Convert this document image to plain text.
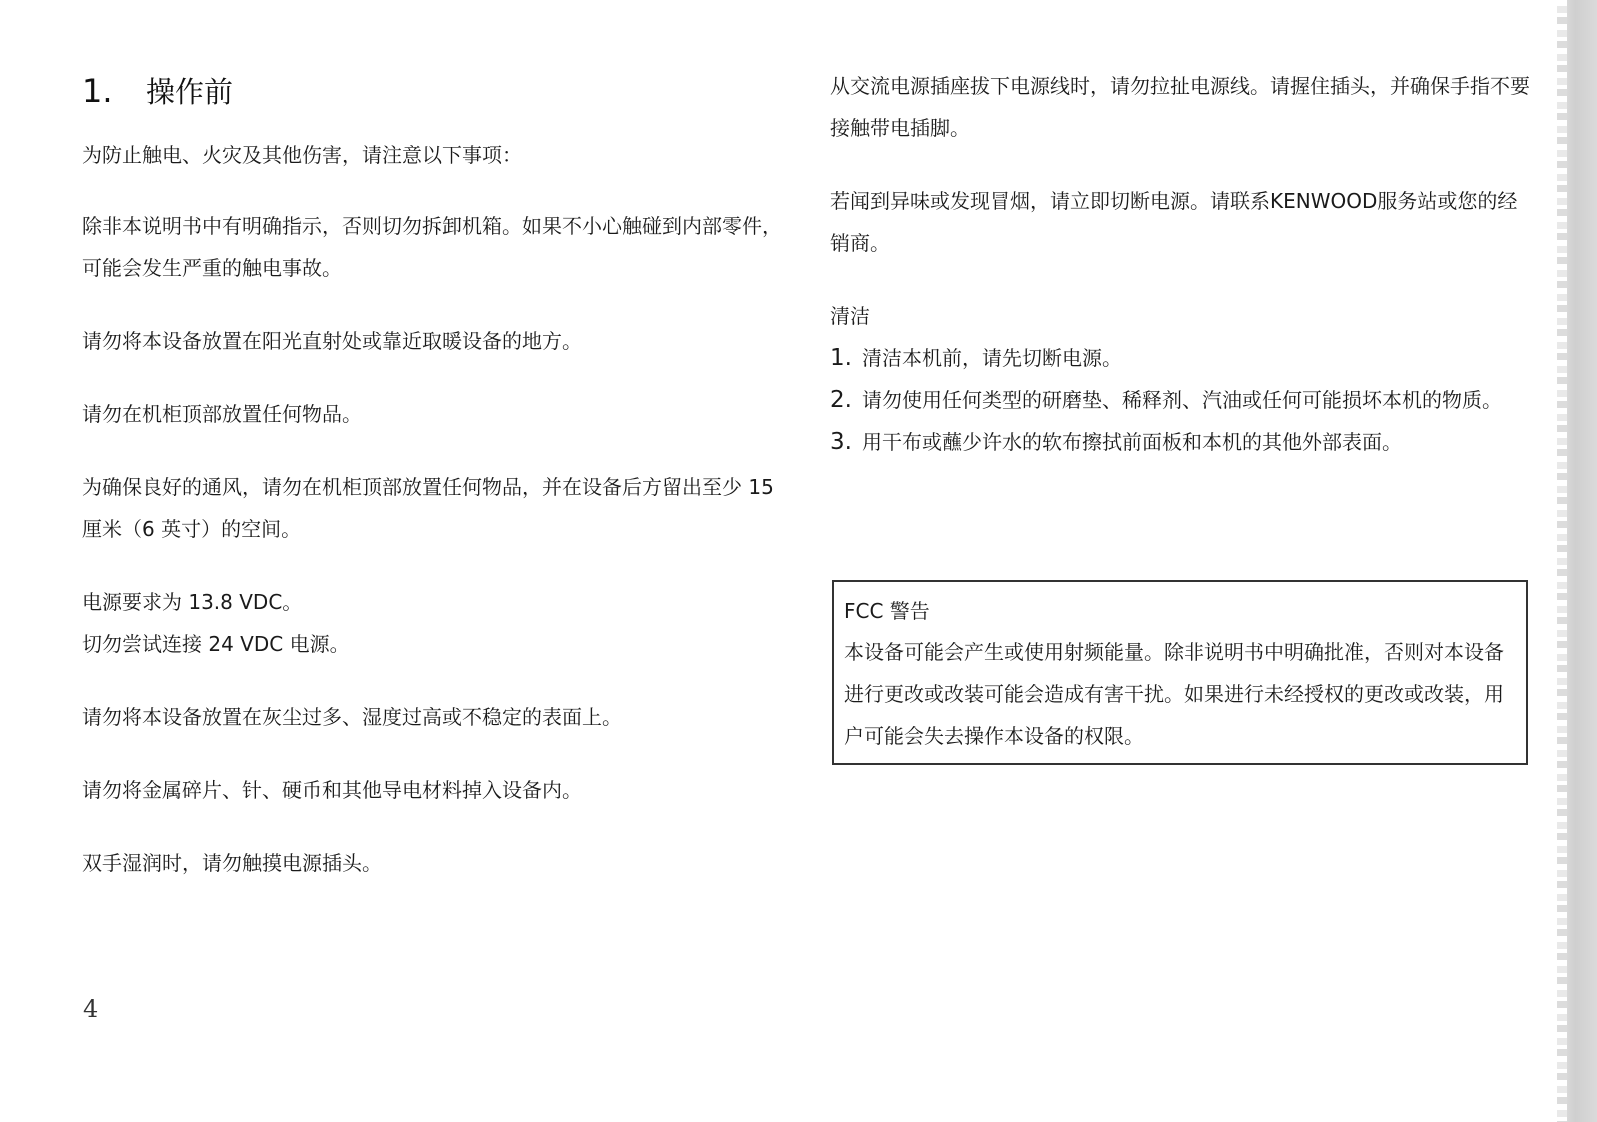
1.	操作前

为防止触电、火灾及其他伤害，请注意以下事项：

除非本说明书中有明确指示，否则切勿拆卸机箱。如果不小心触碰到内部零件，可能会发生严重的触电事故。

请勿将本设备放置在阳光直射处或靠近取暖设备的地方。

请勿在机柜顶部放置任何物品。

为确保良好的通风，请勿在机柜顶部放置任何物品，并在设备后方留出至少 15 厘米（6 英寸）的空间。

电源要求为 13.8 VDC。

切勿尝试连接 24 VDC 电源。

请勿将本设备放置在灰尘过多、湿度过高或不稳定的表面上。

请勿将金属碎片、针、硬币和其他导电材料掉入设备内。

双手湿润时，请勿触摸电源插头。

从交流电源插座拔下电源线时，请勿拉扯电源线。请握住插头，并确保手指不要接触带电插脚。

若闻到异味或发现冒烟，请立即切断电源。请联系KENWOOD服务站或您的经销商。

清洁

1. 清洁本机前，请先切断电源。
2. 请勿使用任何类型的研磨垫、稀释剂、汽油或任何可能损坏本机的物质。
3. 用干布或蘸少许水的软布擦拭前面板和本机的其他外部表面。
FCC 警告
本设备可能会产生或使用射频能量。除非说明书中明确批准，否则对本设备进行更改或改装可能会造成有害干扰。如果进行未经授权的更改或改装，用户可能会失去操作本设备的权限。
4
